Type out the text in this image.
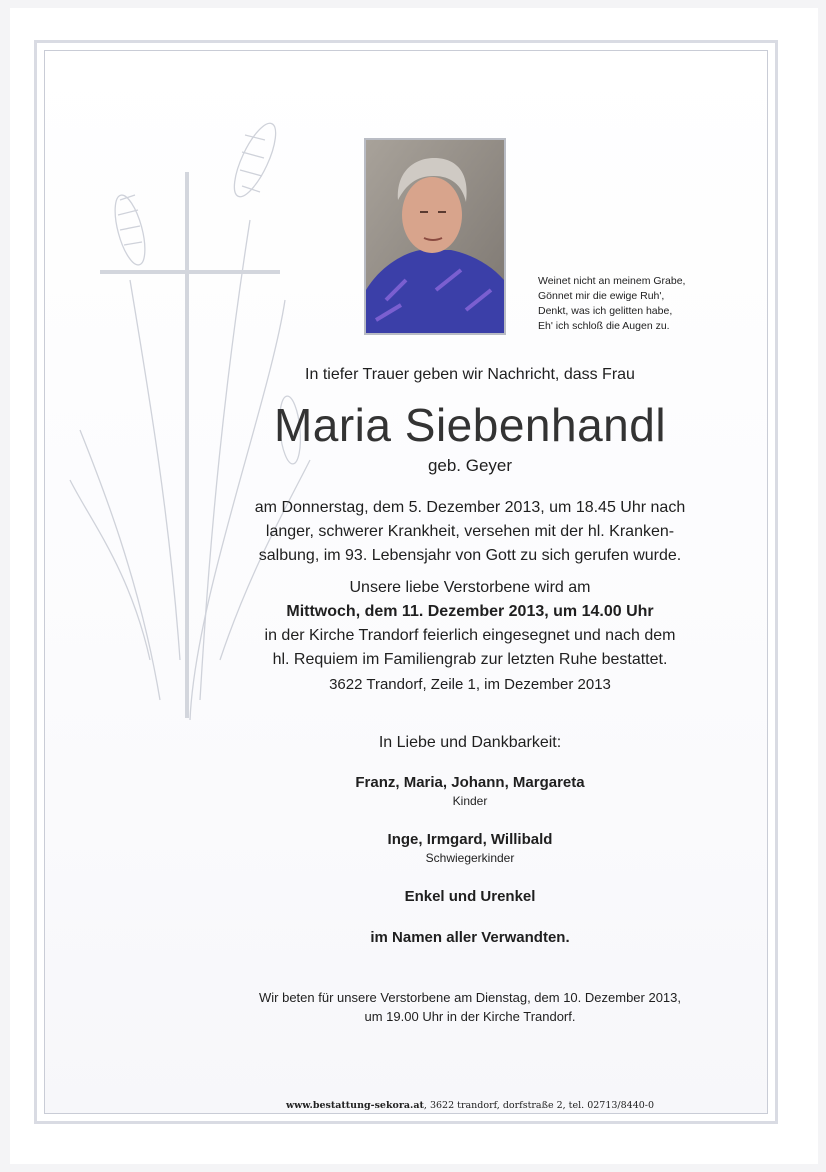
Weinet nicht an meinem Grabe,
Gönnet mir die ewige Ruh',
Denkt, was ich gelitten habe,
Eh' ich schloß die Augen zu.
In tiefer Trauer geben wir Nachricht, dass Frau
Maria Siebenhandl
geb. Geyer
am Donnerstag, dem 5. Dezember 2013, um 18.45 Uhr nach
langer, schwerer Krankheit, versehen mit der hl. Kranken-
salbung, im 93. Lebensjahr von Gott zu sich gerufen wurde.
Unsere liebe Verstorbene wird am
Mittwoch, dem 11. Dezember 2013, um 14.00 Uhr
in der Kirche Trandorf feierlich eingesegnet und nach dem
hl. Requiem im Familiengrab zur letzten Ruhe bestattet.
3622 Trandorf, Zeile 1, im Dezember 2013
In Liebe und Dankbarkeit:
Franz, Maria, Johann, Margareta
Kinder
Inge, Irmgard, Willibald
Schwiegerkinder
Enkel und Urenkel
im Namen aller Verwandten.
Wir beten für unsere Verstorbene am Dienstag, dem 10. Dezember 2013,
um 19.00 Uhr in der Kirche Trandorf.
www.bestattung-sekora.at, 3622 trandorf, dorfstraße 2, tel. 02713/8440-0
